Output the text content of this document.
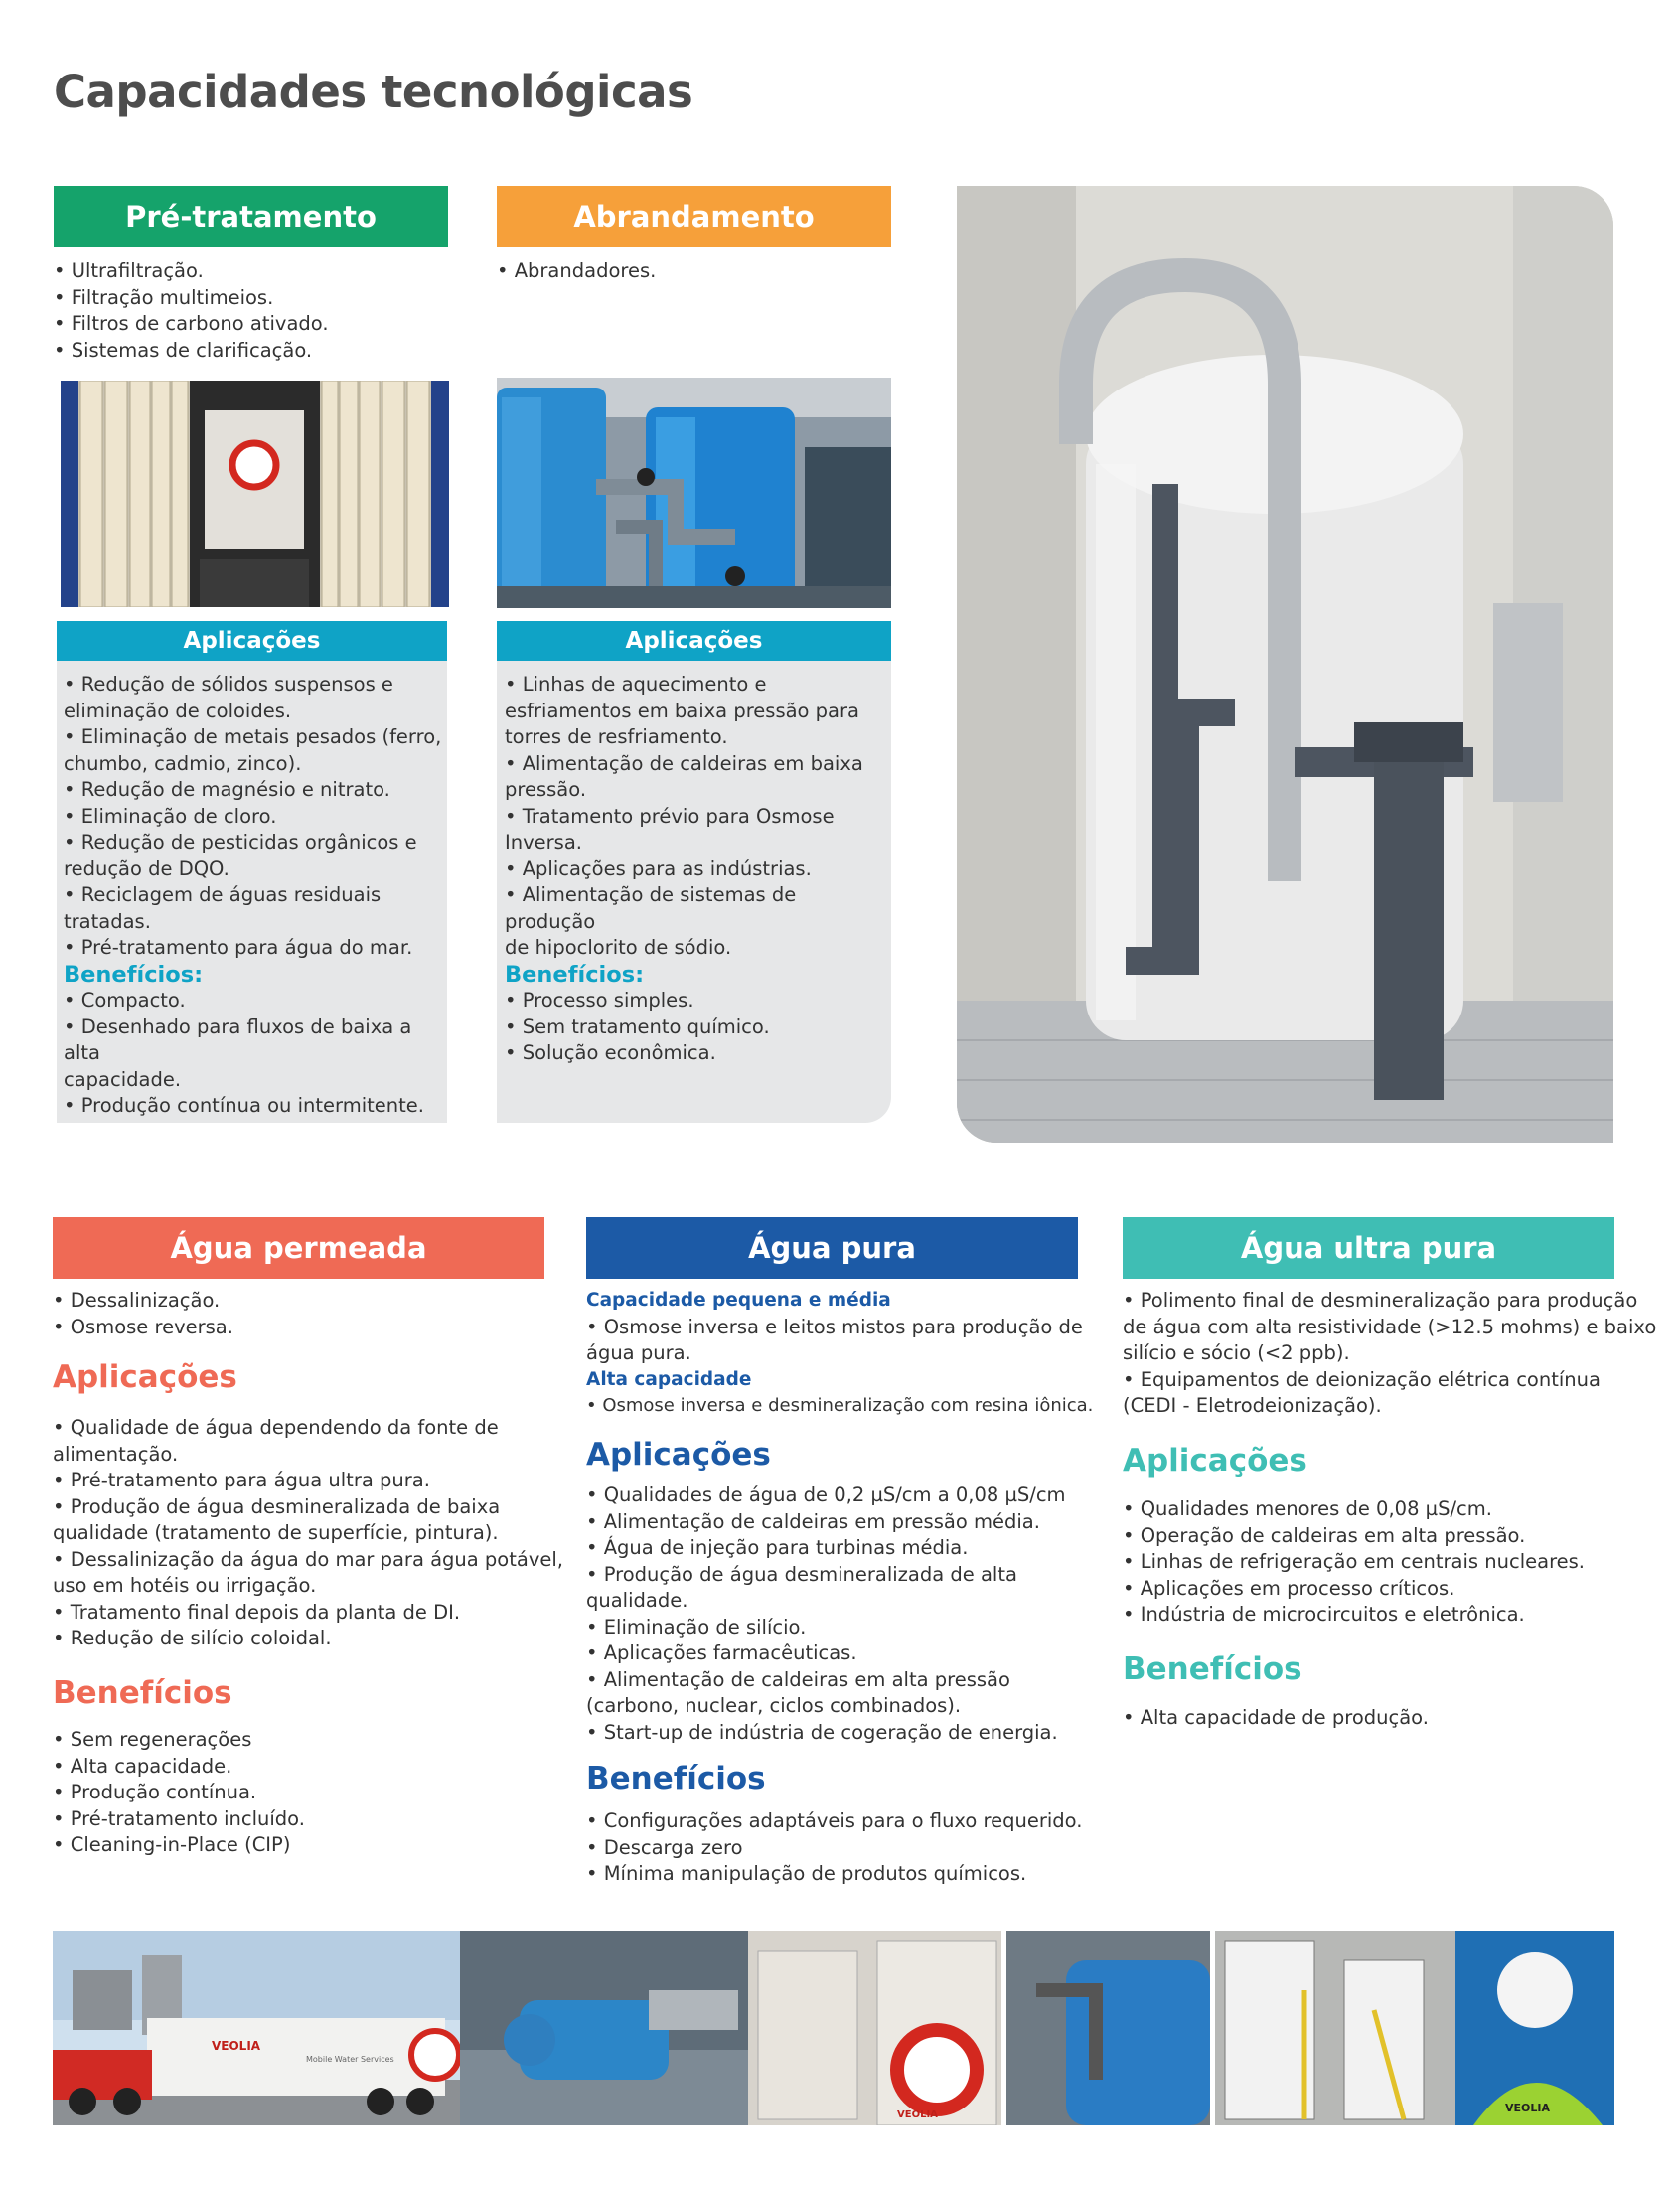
Capacidades tecnológicas
Pré-tratamento
• Ultrafiltração.
• Filtração multimeios.
• Filtros de carbono ativado.
• Sistemas de clarificação.
Aplicações
• Redução de sólidos suspensos e
eliminação de coloides.
• Eliminação de metais pesados (ferro,
chumbo, cadmio, zinco).
• Redução de magnésio e nitrato.
• Eliminação de cloro.
• Redução de pesticidas orgânicos e
redução de DQO.
• Reciclagem de águas residuais
tratadas.
• Pré-tratamento para água do mar.
Benefícios:
• Compacto.
• Desenhado para fluxos de baixa a alta
capacidade.
• Produção contínua ou intermitente.
Abrandamento
• Abrandadores.
Aplicações
• Linhas de aquecimento e
esfriamentos em baixa pressão para
torres de resfriamento.
• Alimentação de caldeiras em baixa
pressão.
• Tratamento prévio para Osmose
Inversa.
• Aplicações para as indústrias.
• Alimentação de sistemas de produção
de hipoclorito de sódio.
Benefícios:
• Processo simples.
• Sem tratamento químico.
• Solução econômica.
Água permeada
• Dessalinização.
• Osmose reversa.
Aplicações
• Qualidade de água dependendo da fonte de
alimentação.
• Pré-tratamento para água ultra pura.
• Produção de água desmineralizada de baixa
qualidade (tratamento de superfície, pintura).
• Dessalinização da água do mar para água potável,
uso em hotéis ou irrigação.
• Tratamento final depois da planta de DI.
• Redução de silício coloidal.
Benefícios
• Sem regenerações
• Alta capacidade.
• Produção contínua.
• Pré-tratamento incluído.
• Cleaning-in-Place (CIP)
Água pura
Capacidade pequena e média
• Osmose inversa e leitos mistos para produção de
água pura.
Alta capacidade
• Osmose inversa e desmineralização com resina iônica.
Aplicações
• Qualidades de água de 0,2 µS/cm a 0,08 µS/cm
• Alimentação de caldeiras em pressão média.
• Água de injeção para turbinas média.
• Produção de água desmineralizada de alta
qualidade.
• Eliminação de silício.
• Aplicações farmacêuticas.
• Alimentação de caldeiras em alta pressão
(carbono, nuclear, ciclos combinados).
• Start-up de indústria de cogeração de energia.
Benefícios
• Configurações adaptáveis para o fluxo requerido.
• Descarga zero
• Mínima manipulação de produtos químicos.
Água ultra pura
• Polimento final de desmineralização para produção
de água com alta resistividade (>12.5 mohms) e baixo
silício e sócio (<2 ppb).
• Equipamentos de deionização elétrica contínua
(CEDI - Eletrodeionização).
Aplicações
• Qualidades menores de 0,08 µS/cm.
• Operação de caldeiras em alta pressão.
• Linhas de refrigeração em centrais nucleares.
• Aplicações em processo críticos.
• Indústria de microcircuitos e eletrônica.
Benefícios
• Alta capacidade de produção.
VEOLIA
Mobile Water Services
VEOLIA
VEOLIA
